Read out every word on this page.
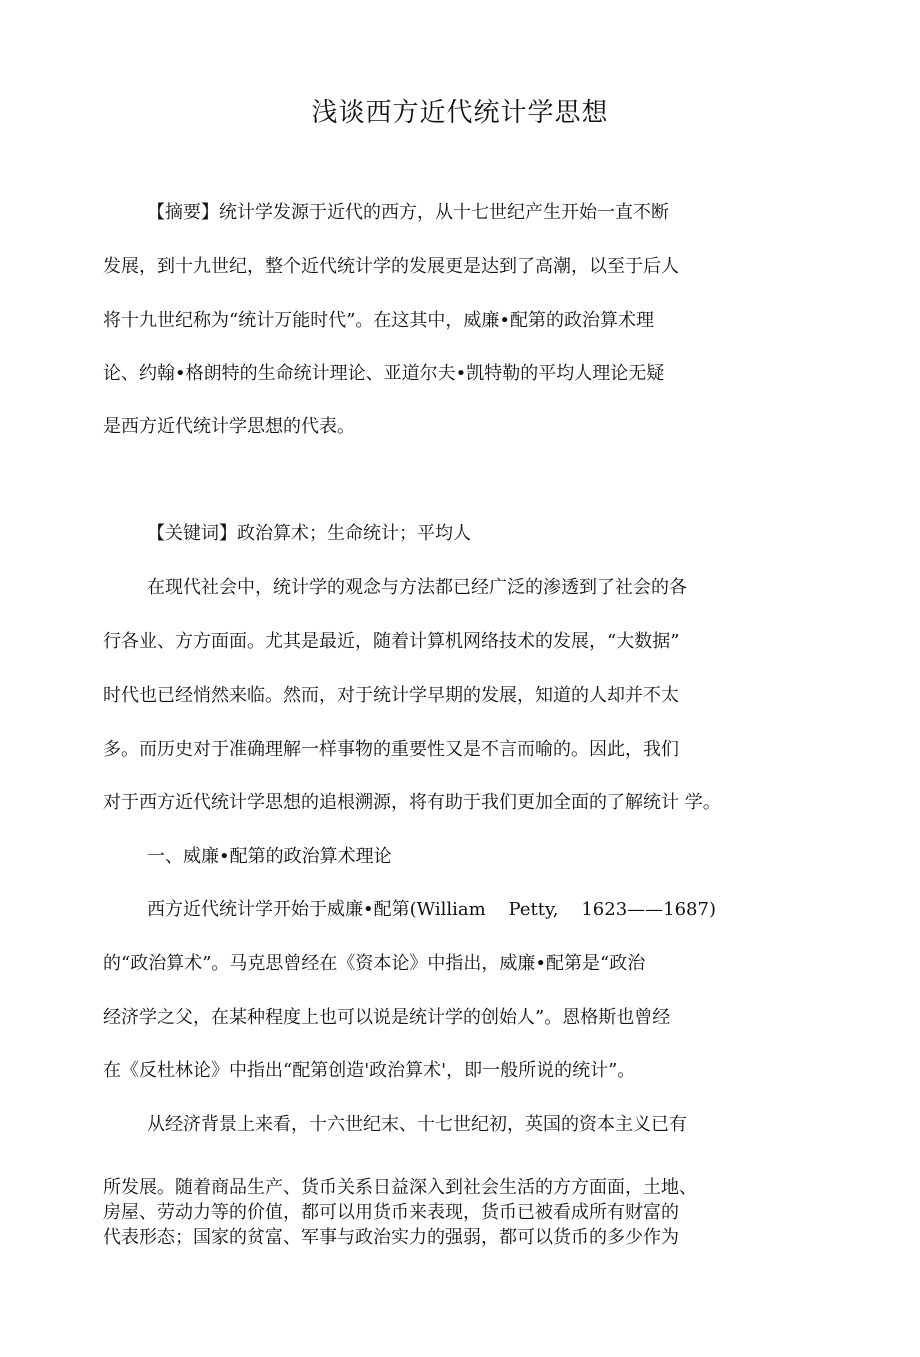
浅谈西方近代统计学思想

【摘要】统计学发源于近代的西方，从十七世纪产生开始一直不断

发展，到十九世纪，整个近代统计学的发展更是达到了高潮，以至于后人

将十九世纪称为“统计万能时代”。在这其中，威廉•配第的政治算术理

论、约翰•格朗特的生命统计理论、亚道尔夫•凯特勒的平均人理论无疑

是西方近代统计学思想的代表。

【关键词】政治算术；生命统计；平均人

在现代社会中，统计学的观念与方法都已经广泛的渗透到了社会的各

行各业、方方面面。尤其是最近，随着计算机网络技术的发展，“大数据”

时代也已经悄然来临。然而，对于统计学早期的发展，知道的人却并不太

多。而历史对于准确理解一样事物的重要性又是不言而喻的。因此，我们

对于西方近代统计学思想的追根溯源，将有助于我们更加全面的了解统计 学。

一、威廉•配第的政治算术理论

西方近代统计学开始于威廉•配第(William    Petty,    1623——1687)

的“政治算术”。马克思曾经在《资本论》中指出，威廉•配第是“政治

经济学之父，在某种程度上也可以说是统计学的创始人”。恩格斯也曾经

在《反杜林论》中指出“配第创造'政治算术'，即一般所说的统计”。

从经济背景上来看，十六世纪末、十七世纪初，英国的资本主义已有

所发展。随着商品生产、货币关系日益深入到社会生活的方方面面，土地、

房屋、劳动力等的价值，都可以用货币来表现，货币已被看成所有财富的

代表形态；国家的贫富、军事与政治实力的强弱，都可以货币的多少作为
